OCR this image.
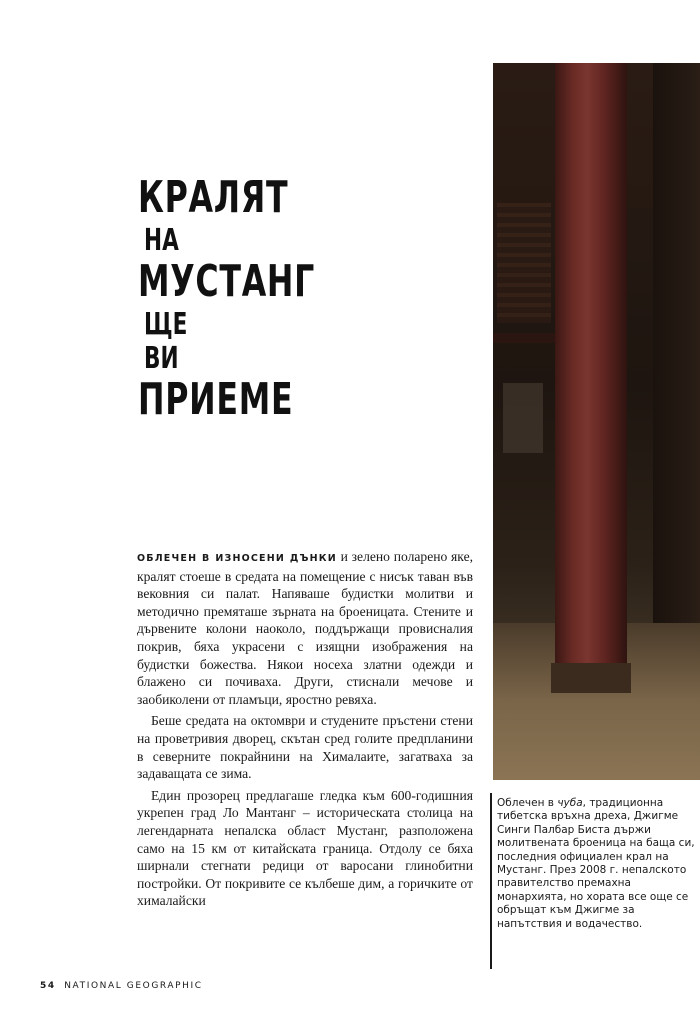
КРАЛЯТ
НА
МУСТАНГ
ЩЕ
ВИ
ПРИЕМЕ

ОБЛЕЧЕН В ИЗНОСЕНИ ДЪНКИ и зелено поларено яке, кралят стоеше в средата на помещение с нисък таван във вековния си палат. Напяваше будистки молитви и методично премяташе зърната на броеницата. Стените и дървените колони наоколо, поддържащи провисналия покрив, бяха украсени с изящни изображения на будистки божества. Някои носеха златни одежди и блажено си почиваха. Други, стиснали мечове и заобиколени от пламъци, яростно ревяха.

Беше средата на октомври и студените пръстени стени на проветривия дворец, скътан сред голите предпланини в северните покрайнини на Хималаите, загатваха за задаващата се зима.

Един прозорец предлагаше гледка към 600-годишния укрепен град Ло Мантанг – историческата столица на легендарната непалска област Мустанг, разположена само на 15 км от китайската граница. Отдолу се бяха ширнали стегнати редици от варосани глинобитни постройки. От покривите се кълбеше дим, а горичките от хималайски

Облечен в чуба, традиционна тибетска връхна дреха, Джигме Синги Палбар Биста държи молитвената броеница на баща си, последния официален крал на Мустанг. През 2008 г. непалското правителство премахна монархията, но хората все още се обръщат към Джигме за напътствия и водачество.
54 NATIONAL GEOGRAPHIC
